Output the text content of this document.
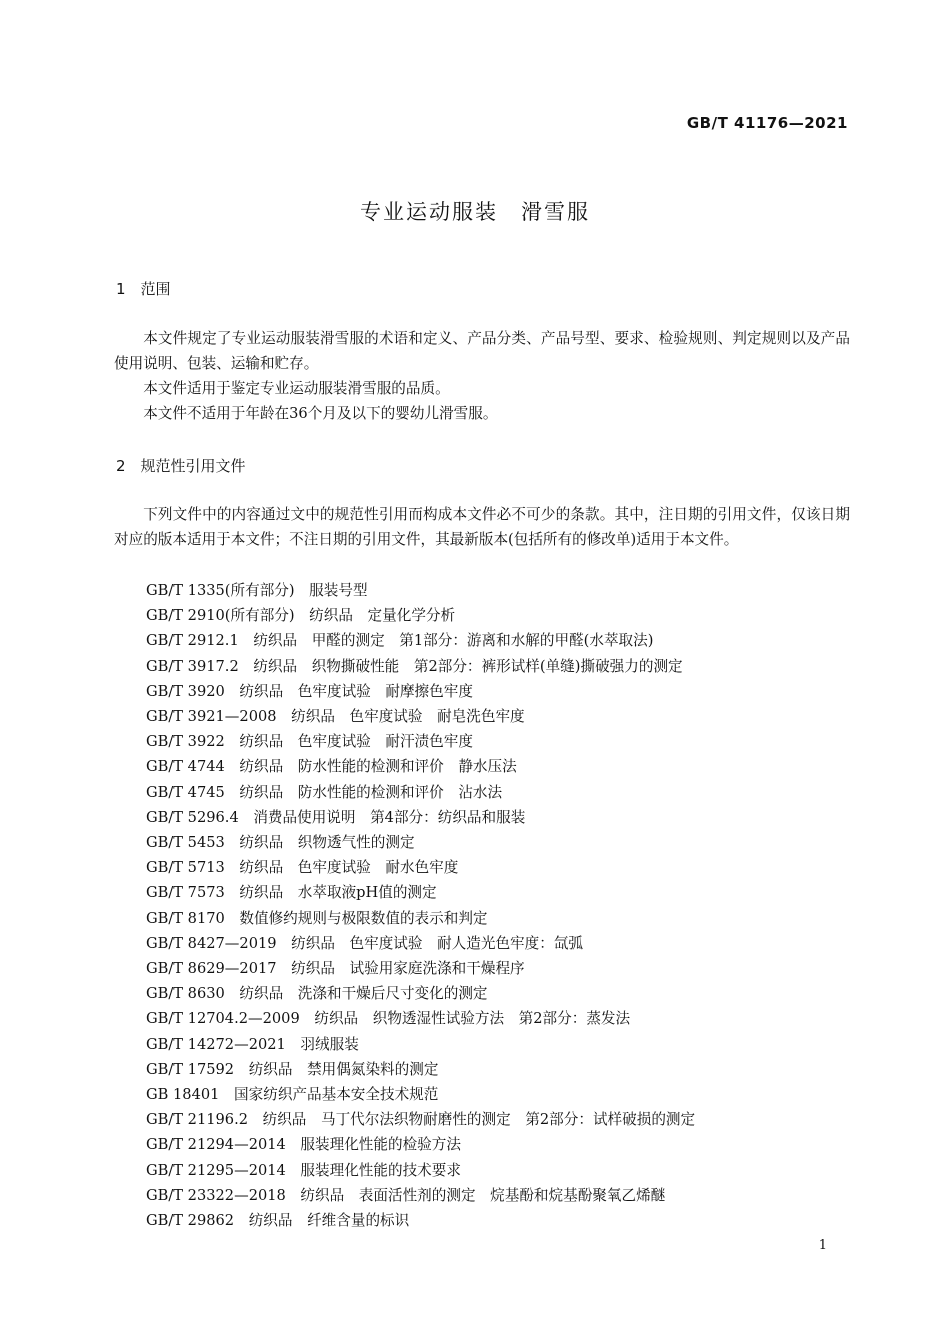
GB/T 41176—2021
专业运动服装　滑雪服
1　范围

本文件规定了专业运动服装滑雪服的术语和定义、产品分类、产品号型、要求、检验规则、判定规则以及产品使用说明、包装、运输和贮存。

本文件适用于鉴定专业运动服装滑雪服的品质。

本文件不适用于年龄在36个月及以下的婴幼儿滑雪服。

2　规范性引用文件

下列文件中的内容通过文中的规范性引用而构成本文件必不可少的条款。其中，注日期的引用文件，仅该日期对应的版本适用于本文件；不注日期的引用文件，其最新版本(包括所有的修改单)适用于本文件。

GB/T 1335(所有部分)　服装号型

GB/T 2910(所有部分)　纺织品　定量化学分析

GB/T 2912.1　纺织品　甲醛的测定　第1部分：游离和水解的甲醛(水萃取法)

GB/T 3917.2　纺织品　织物撕破性能　第2部分：裤形试样(单缝)撕破强力的测定

GB/T 3920　纺织品　色牢度试验　耐摩擦色牢度

GB/T 3921—2008　纺织品　色牢度试验　耐皂洗色牢度

GB/T 3922　纺织品　色牢度试验　耐汗渍色牢度

GB/T 4744　纺织品　防水性能的检测和评价　静水压法

GB/T 4745　纺织品　防水性能的检测和评价　沾水法

GB/T 5296.4　消费品使用说明　第4部分：纺织品和服装

GB/T 5453　纺织品　织物透气性的测定

GB/T 5713　纺织品　色牢度试验　耐水色牢度

GB/T 7573　纺织品　水萃取液pH值的测定

GB/T 8170　数值修约规则与极限数值的表示和判定

GB/T 8427—2019　纺织品　色牢度试验　耐人造光色牢度：氙弧

GB/T 8629—2017　纺织品　试验用家庭洗涤和干燥程序

GB/T 8630　纺织品　洗涤和干燥后尺寸变化的测定

GB/T 12704.2—2009　纺织品　织物透湿性试验方法　第2部分：蒸发法

GB/T 14272—2021　羽绒服装

GB/T 17592　纺织品　禁用偶氮染料的测定

GB 18401　国家纺织产品基本安全技术规范

GB/T 21196.2　纺织品　马丁代尔法织物耐磨性的测定　第2部分：试样破损的测定

GB/T 21294—2014　服装理化性能的检验方法

GB/T 21295—2014　服装理化性能的技术要求

GB/T 23322—2018　纺织品　表面活性剂的测定　烷基酚和烷基酚聚氧乙烯醚

GB/T 29862　纺织品　纤维含量的标识

1
